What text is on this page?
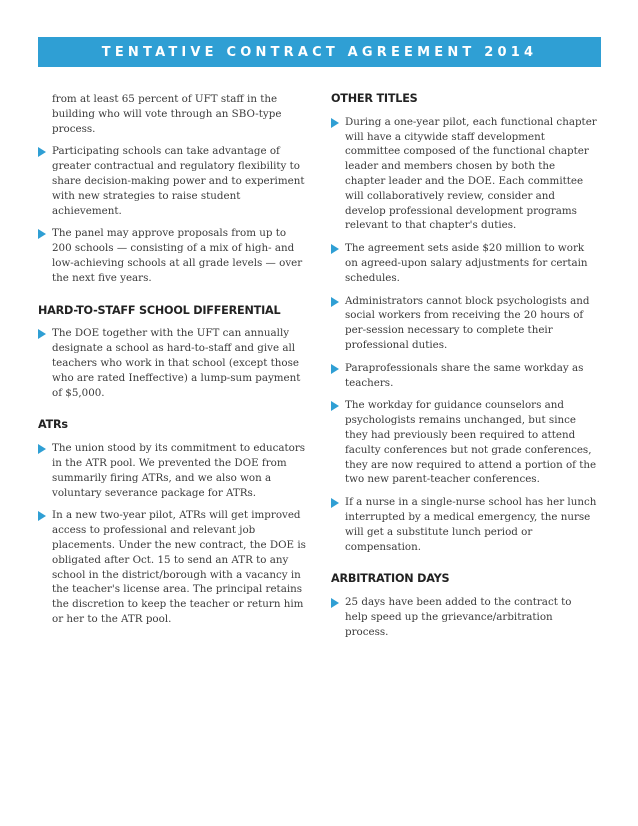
TENTATIVE CONTRACT AGREEMENT 2014

from at least 65 percent of UFT staff in the building who will vote through an SBO-type process.

Participating schools can take advantage of greater contractual and regulatory flexibility to share decision-making power and to experiment with new strategies to raise student achievement.
The panel may approve proposals from up to 200 schools — consisting of a mix of high- and low-achieving schools at all grade levels — over the next five years.
HARD-TO-STAFF SCHOOL DIFFERENTIAL
The DOE together with the UFT can annually designate a school as hard-to-staff and give all teachers who work in that school (except those who are rated Ineffective) a lump-sum payment of $5,000.
ATRs
The union stood by its commitment to educators in the ATR pool. We prevented the DOE from summarily firing ATRs, and we also won a voluntary severance package for ATRs.
In a new two-year pilot, ATRs will get improved access to professional and relevant job placements. Under the new contract, the DOE is obligated after Oct. 15 to send an ATR to any school in the district/borough with a vacancy in the teacher's license area. The principal retains the discretion to keep the teacher or return him or her to the ATR pool.
OTHER TITLES
During a one-year pilot, each functional chapter will have a citywide staff development committee composed of the functional chapter leader and members chosen by both the chapter leader and the DOE. Each committee will collaboratively review, consider and develop professional development programs relevant to that chapter's duties.
The agreement sets aside $20 million to work on agreed-upon salary adjustments for certain schedules.
Administrators cannot block psychologists and social workers from receiving the 20 hours of per-session necessary to complete their professional duties.
Paraprofessionals share the same workday as teachers.
The workday for guidance counselors and psychologists remains unchanged, but since they had previously been required to attend faculty conferences but not grade conferences, they are now required to attend a portion of the two new parent-teacher conferences.
If a nurse in a single-nurse school has her lunch interrupted by a medical emergency, the nurse will get a substitute lunch period or compensation.
ARBITRATION DAYS
25 days have been added to the contract to help speed up the grievance/arbitration process.
